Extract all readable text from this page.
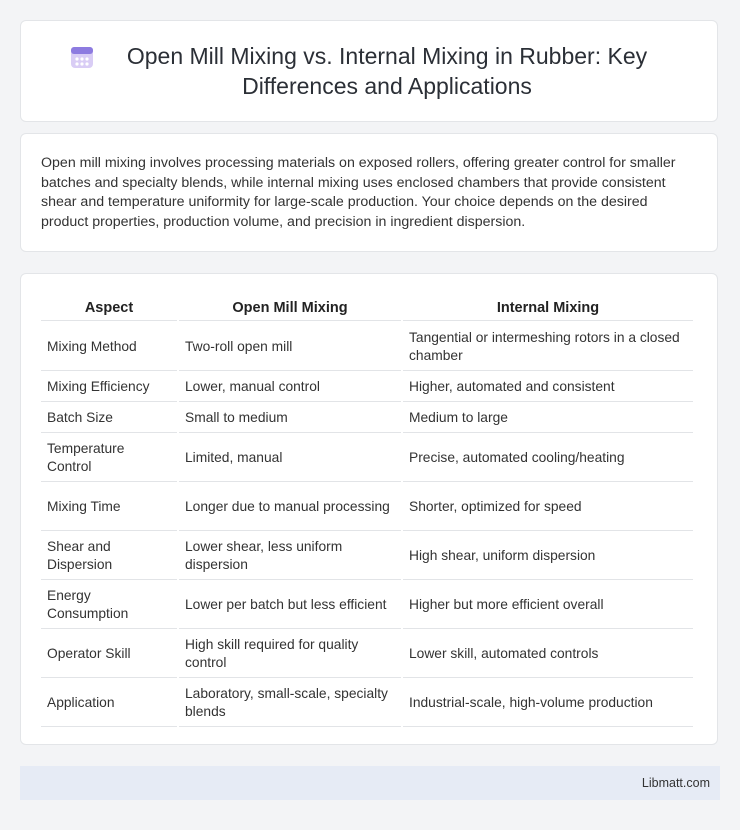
Open Mill Mixing vs. Internal Mixing in Rubber: Key Differences and Applications

Open mill mixing involves processing materials on exposed rollers, offering greater control for smaller batches and specialty blends, while internal mixing uses enclosed chambers that provide consistent shear and temperature uniformity for large-scale production. Your choice depends on the desired product properties, production volume, and precision in ingredient dispersion.

Aspect	Open Mill Mixing	Internal Mixing
Mixing Method	Two-roll open mill	Tangential or intermeshing rotors in a closed chamber
Mixing Efficiency	Lower, manual control	Higher, automated and consistent
Batch Size	Small to medium	Medium to large
Temperature Control	Limited, manual	Precise, automated cooling/heating
Mixing Time	Longer due to manual processing	Shorter, optimized for speed
Shear and Dispersion	Lower shear, less uniform dispersion	High shear, uniform dispersion
Energy Consumption	Lower per batch but less efficient	Higher but more efficient overall
Operator Skill	High skill required for quality control	Lower skill, automated controls
Application	Laboratory, small-scale, specialty blends	Industrial-scale, high-volume production
Libmatt.com
